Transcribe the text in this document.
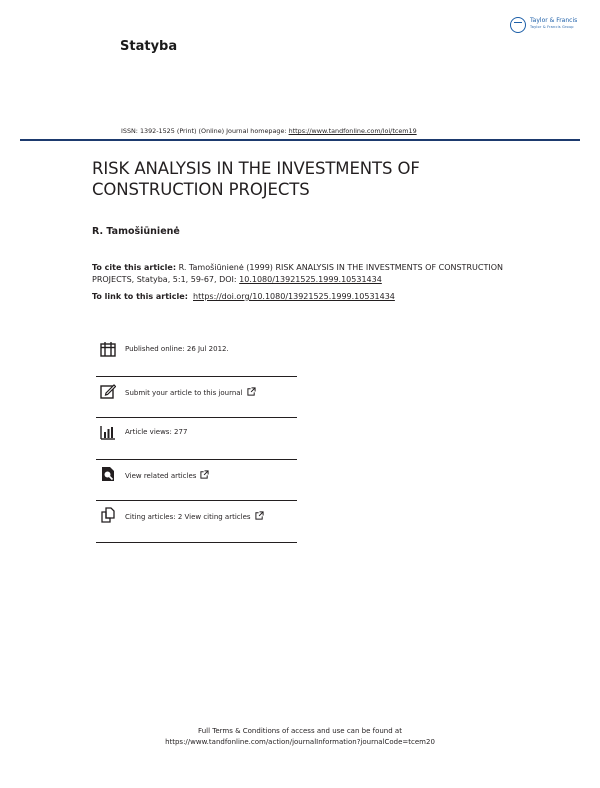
Statyba
Taylor & Francis
Taylor & Francis Group
ISSN: 1392-1525 (Print) (Online) Journal homepage: https://www.tandfonline.com/loi/tcem19
RISK ANALYSIS IN THE INVESTMENTS OF CONSTRUCTION PROJECTS
R. Tamošiūnienė
To cite this article: R. Tamošiūnienė (1999) RISK ANALYSIS IN THE INVESTMENTS OF CONSTRUCTION PROJECTS, Statyba, 5:1, 59-67, DOI: 10.1080/13921525.1999.10531434
To link to this article: https://doi.org/10.1080/13921525.1999.10531434
Published online: 26 Jul 2012.
Submit your article to this journal
Article views: 277
View related articles
Citing articles: 2 View citing articles
Full Terms & Conditions of access and use can be found at
https://www.tandfonline.com/action/journalInformation?journalCode=tcem20
